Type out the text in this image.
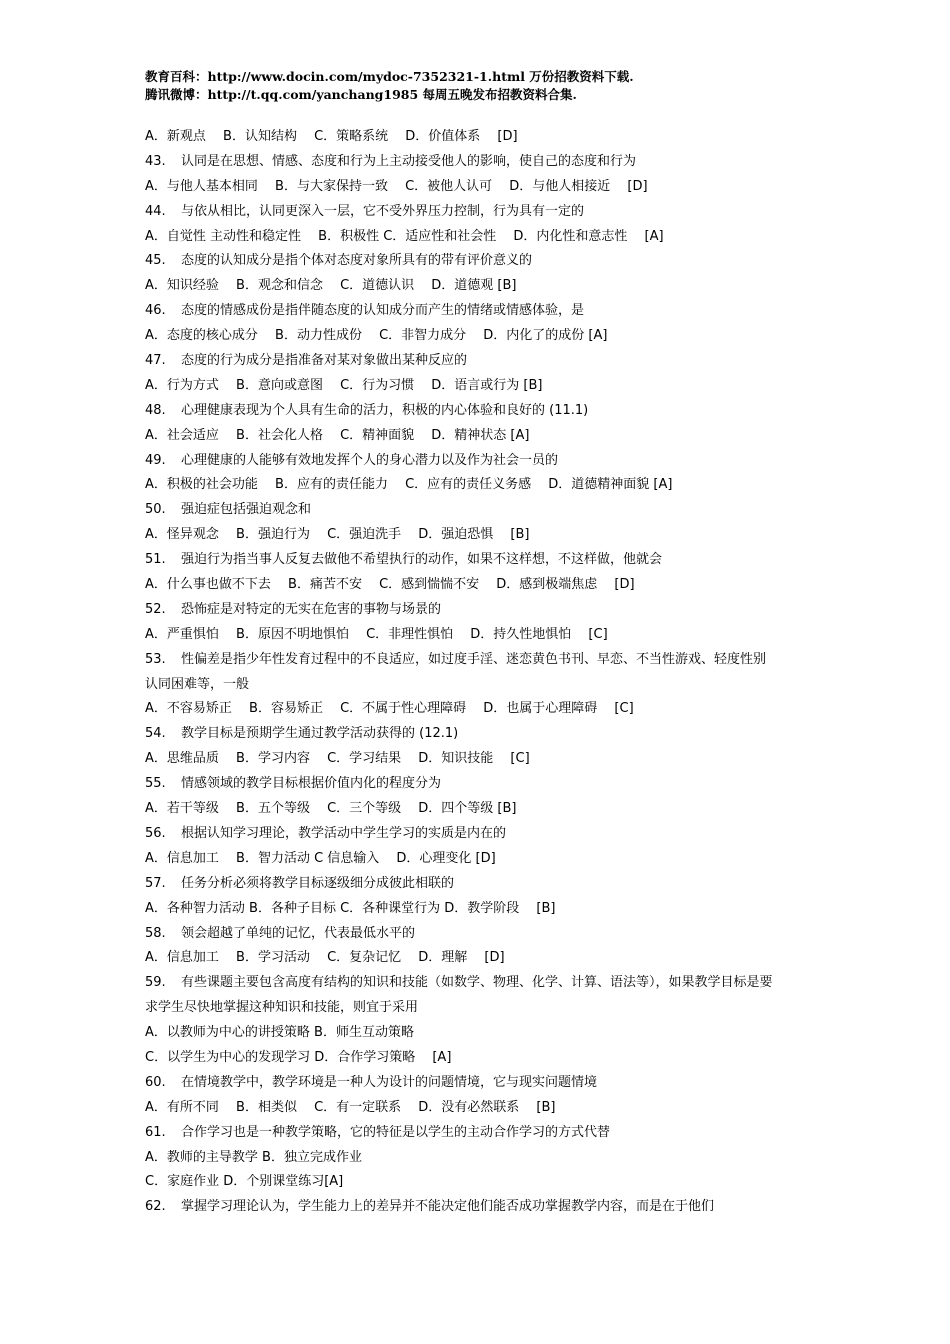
教育百科：http://www.docin.com/mydoc-7352321-1.html 万份招教资料下载.
腾讯微博：http://t.qq.com/yanchang1985 每周五晚发布招教资料合集.
A．新观点　 B．认知结构　 C．策略系统　 D．价值体系　 [D]
43. 认同是在思想、情感、态度和行为上主动接受他人的影响，使自己的态度和行为
A．与他人基本相同　 B．与大家保持一致　 C．被他人认可　 D．与他人相接近　 [D]
44. 与依从相比，认同更深入一层，它不受外界压力控制，行为具有一定的
A．自觉性 主动性和稳定性　 B．积极性 C．适应性和社会性　 D．内化性和意志性　 [A]
45. 态度的认知成分是指个体对态度对象所具有的带有评价意义的
A．知识经验　 B．观念和信念　 C．道德认识　 D．道德观 [B]
46. 态度的情感成份是指伴随态度的认知成分而产生的情绪或情感体验，是
A．态度的核心成分　 B．动力性成份　 C．非智力成分　 D．内化了的成份 [A]
47. 态度的行为成分是指准备对某对象做出某种反应的
A．行为方式　 B．意向或意图　 C．行为习惯　 D．语言或行为 [B]
48. 心理健康表现为个人具有生命的活力，积极的内心体验和良好的 (11.1)
A．社会适应　 B．社会化人格　 C．精神面貌　 D．精神状态 [A]
49. 心理健康的人能够有效地发挥个人的身心潜力以及作为社会一员的
A．积极的社会功能　 B．应有的责任能力　 C．应有的责任义务感　 D．道德精神面貌 [A]
50. 强迫症包括强迫观念和
A．怪异观念　 B．强迫行为　 C．强迫洗手　 D．强迫恐惧　 [B]
51. 强迫行为指当事人反复去做他不希望执行的动作，如果不这样想，不这样做，他就会
A．什么事也做不下去　 B．痛苦不安　 C．感到惴惴不安　 D．感到极端焦虑　 [D]
52. 恐怖症是对特定的无实在危害的事物与场景的
A．严重惧怕　 B．原因不明地惧怕　 C．非理性惧怕　 D．持久性地惧怕　 [C]
53. 性偏差是指少年性发育过程中的不良适应，如过度手淫、迷恋黄色书刊、早恋、不当性游戏、轻度性别
认同困难等，一般
A．不容易矫正　 B．容易矫正　 C．不属于性心理障碍　 D．也属于心理障碍　 [C]
54. 教学目标是预期学生通过教学活动获得的 (12.1)
A．思维品质　 B．学习内容　 C．学习结果　 D．知识技能　 [C]
55. 情感领域的教学目标根据价值内化的程度分为
A．若干等级　 B．五个等级　 C．三个等级　 D．四个等级 [B]
56. 根据认知学习理论，教学活动中学生学习的实质是内在的
A．信息加工　 B．智力活动 C 信息输入　 D．心理变化 [D]
57. 任务分析必须将教学目标逐级细分成彼此相联的
A．各种智力活动 B．各种子目标 C．各种课堂行为 D．教学阶段　 [B]
58. 领会超越了单纯的记忆，代表最低水平的
A．信息加工　 B．学习活动　 C．复杂记忆　 D．理解　 [D]
59. 有些课题主要包含高度有结构的知识和技能（如数学、物理、化学、计算、语法等），如果教学目标是要
求学生尽快地掌握这种知识和技能，则宜于采用
A．以教师为中心的讲授策略 B．师生互动策略
C．以学生为中心的发现学习 D．合作学习策略　 [A]
60. 在情境教学中，教学环境是一种人为设计的问题情境，它与现实问题情境
A．有所不同　 B．相类似　 C．有一定联系　 D．没有必然联系　 [B]
61. 合作学习也是一种教学策略，它的特征是以学生的主动合作学习的方式代替
A．教师的主导教学 B．独立完成作业
C．家庭作业 D．个别课堂练习[A]
62. 掌握学习理论认为，学生能力上的差异并不能决定他们能否成功掌握教学内容，而是在于他们
